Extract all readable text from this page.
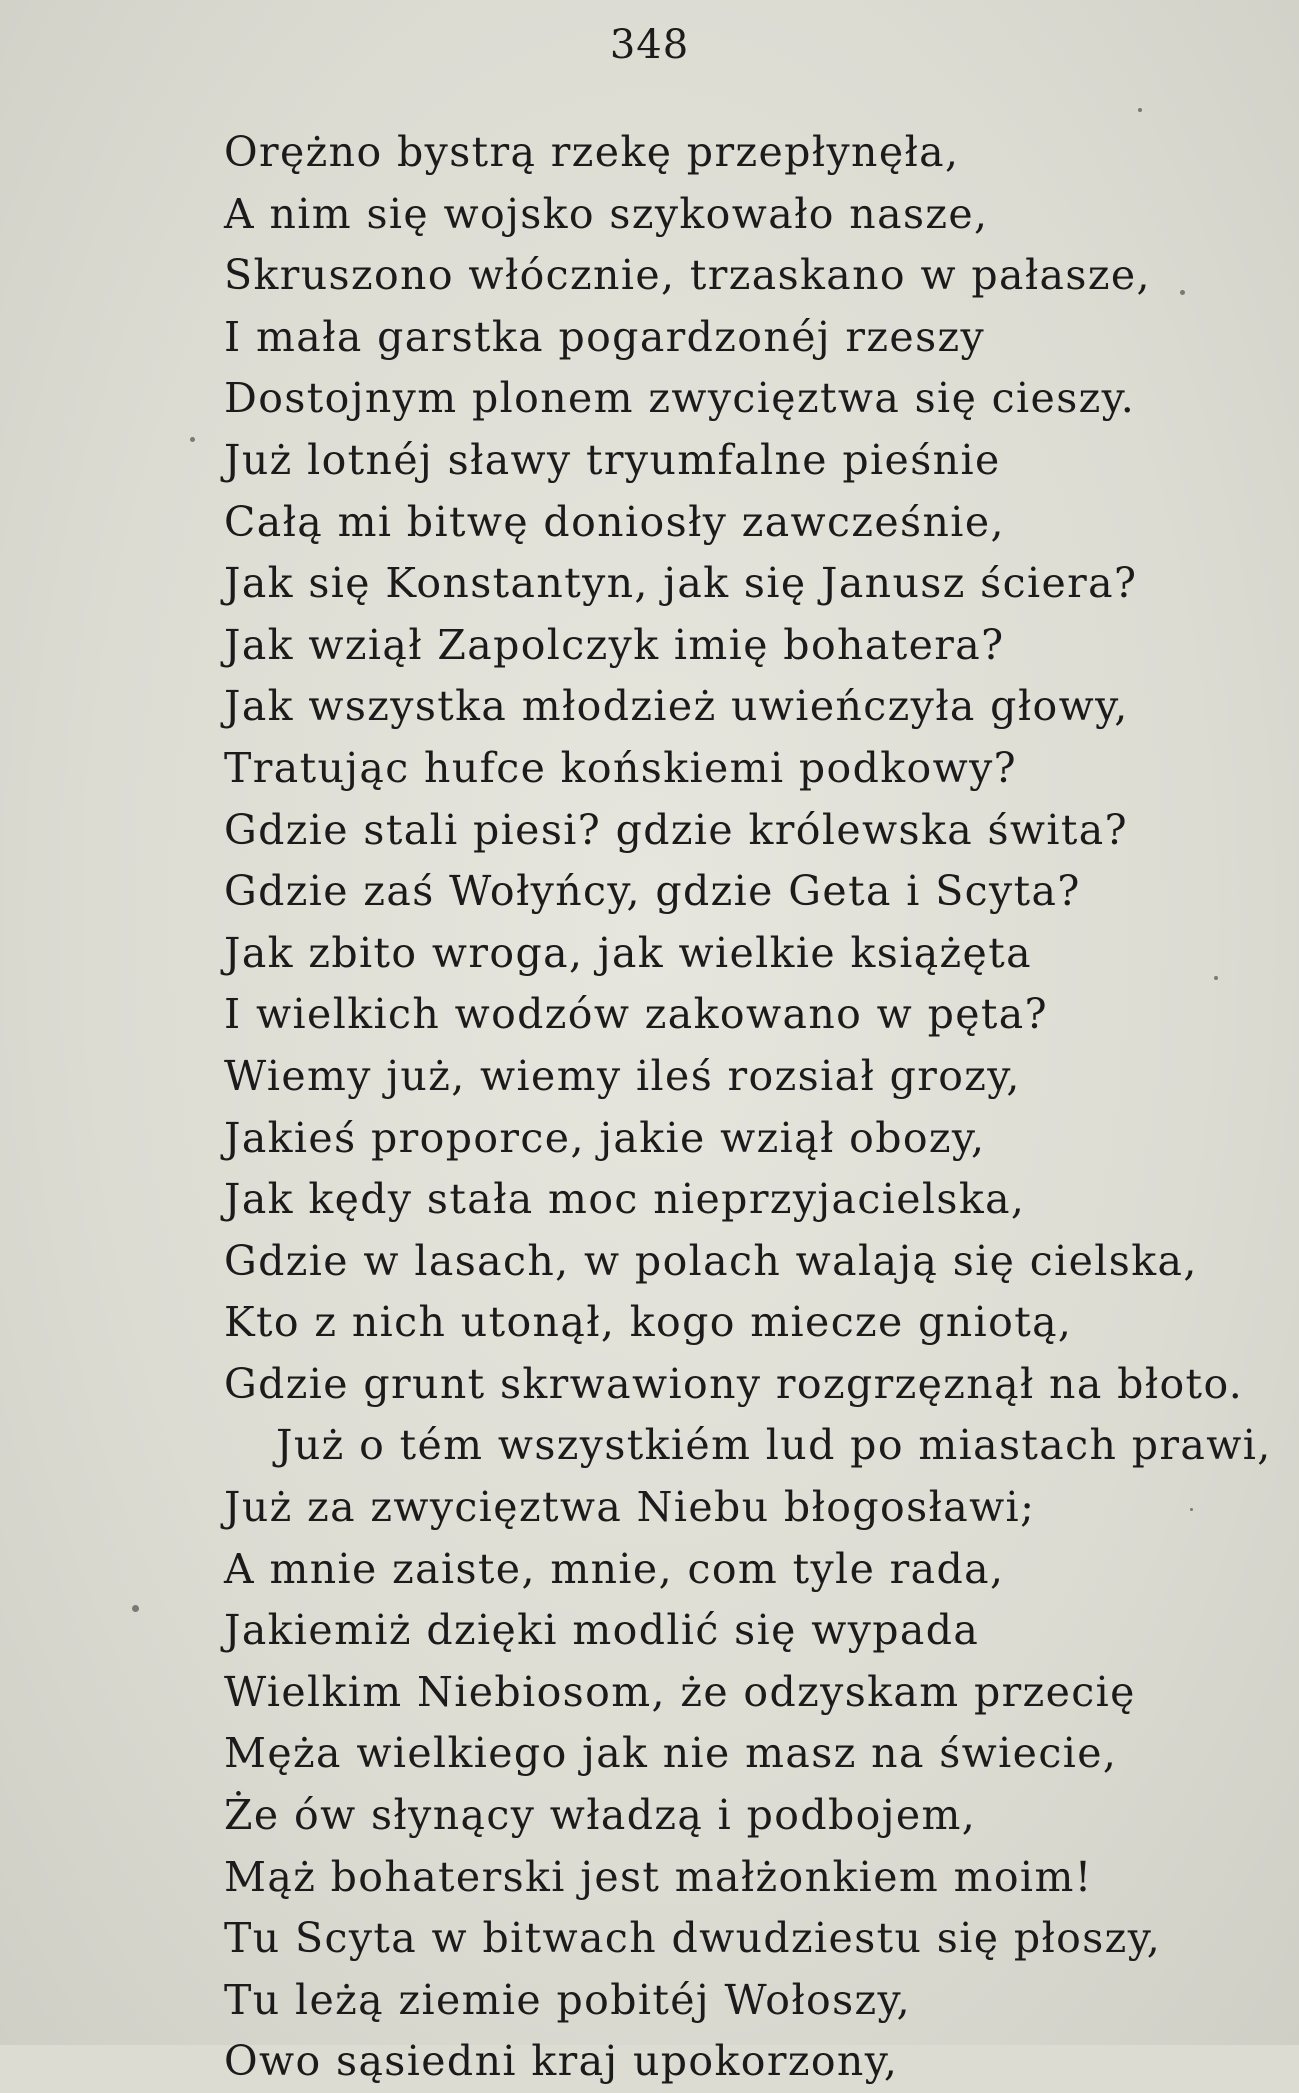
348
Orężno bystrą rzekę przepłynęła,
A nim się wojsko szykowało nasze,
Skruszono włócznie, trzaskano w pałasze,
I mała garstka pogardzonéj rzeszy
Dostojnym plonem zwycięztwa się cieszy.
Już lotnéj sławy tryumfalne pieśnie
Całą mi bitwę doniosły zawcześnie,
Jak się Konstantyn, jak się Janusz ściera?
Jak wziął Zapolczyk imię bohatera?
Jak wszystka młodzież uwieńczyła głowy,
Tratując hufce końskiemi podkowy?
Gdzie stali piesi? gdzie królewska świta?
Gdzie zaś Wołyńcy, gdzie Geta i Scyta?
Jak zbito wroga, jak wielkie książęta
I wielkich wodzów zakowano w pęta?
Wiemy już, wiemy ileś rozsiał grozy,
Jakieś proporce, jakie wziął obozy,
Jak kędy stała moc nieprzyjacielska,
Gdzie w lasach, w polach walają się cielska,
Kto z nich utonął, kogo miecze gniotą,
Gdzie grunt skrwawiony rozgrzęznął na błoto.
Już o tém wszystkiém lud po miastach prawi,
Już za zwycięztwa Niebu błogosławi;
A mnie zaiste, mnie, com tyle rada,
Jakiemiż dzięki modlić się wypada
Wielkim Niebiosom, że odzyskam przecię
Męża wielkiego jak nie masz na świecie,
Że ów słynący władzą i podbojem,
Mąż bohaterski jest małżonkiem moim!
Tu Scyta w bitwach dwudziestu się płoszy,
Tu leżą ziemie pobitéj Wołoszy,
Owo sąsiedni kraj upokorzony,
